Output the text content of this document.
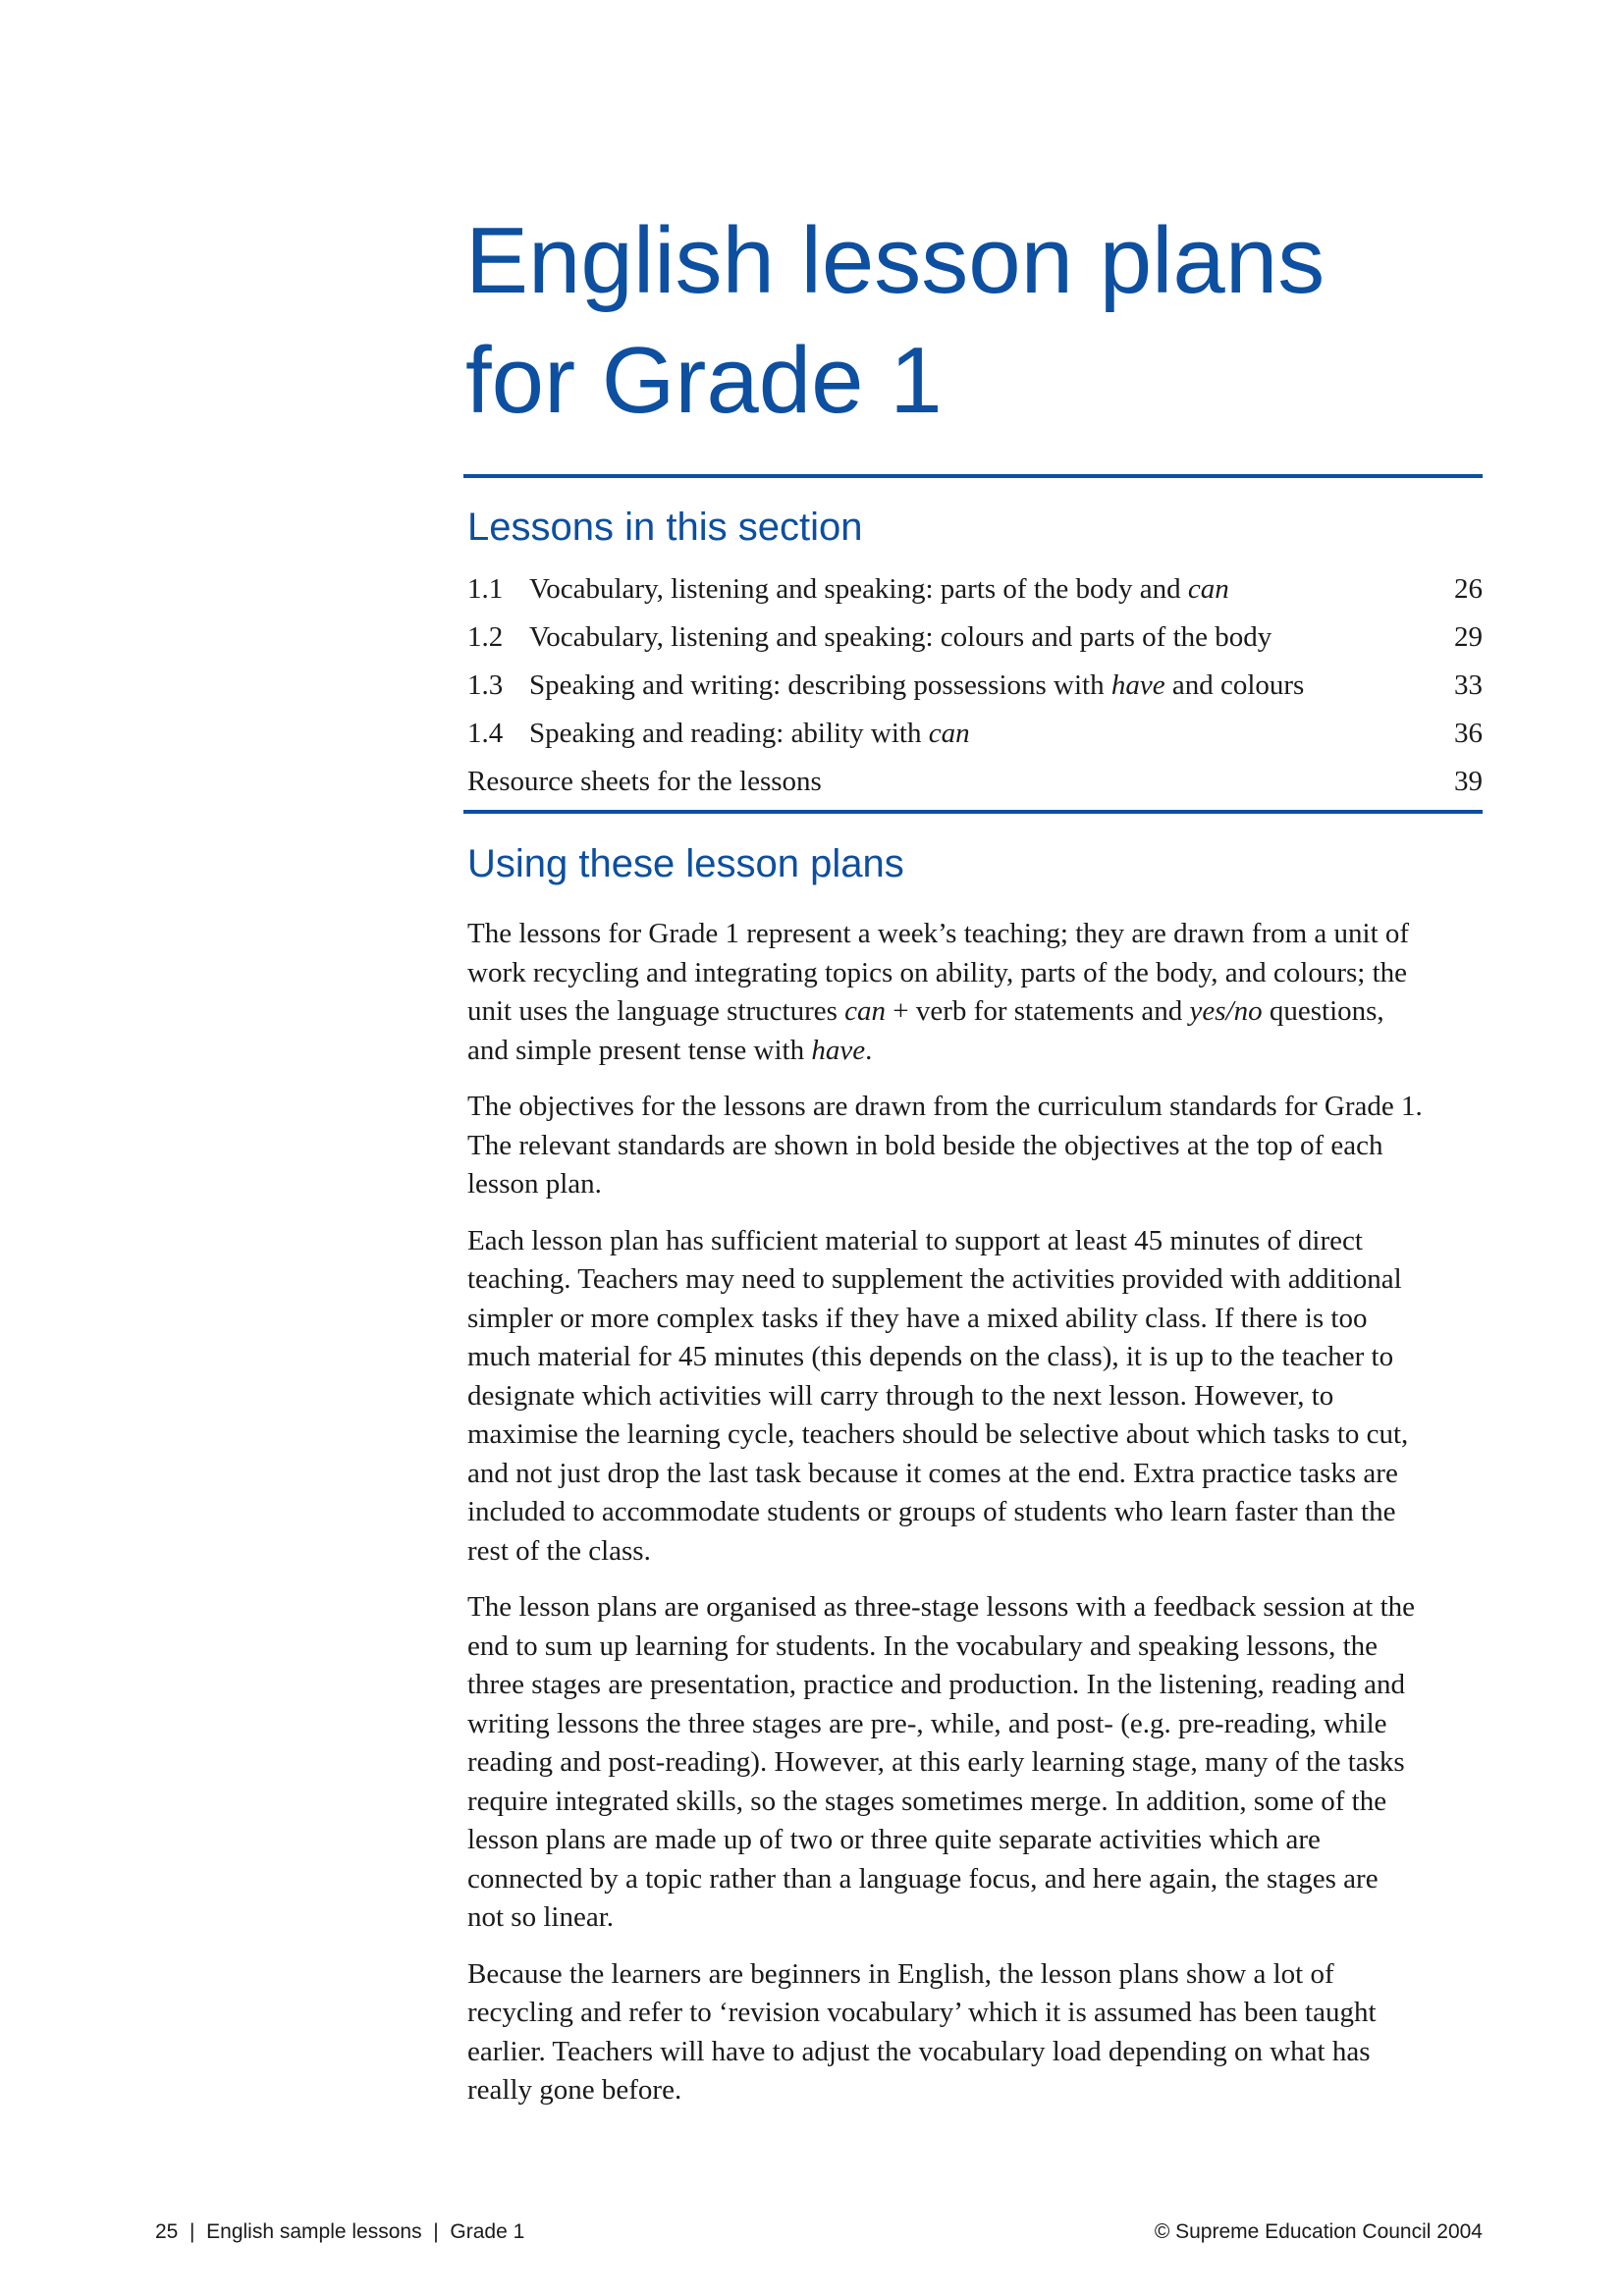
English lesson plans
for Grade 1
Lessons in this section
1.1 Vocabulary, listening and speaking: parts of the body and can	26
1.2 Vocabulary, listening and speaking: colours and parts of the body	29
1.3 Speaking and writing: describing possessions with have and colours	33
1.4 Speaking and reading: ability with can	36
Resource sheets for the lessons	39
Using these lesson plans

The lessons for Grade 1 represent a week’s teaching; they are drawn from a unit of
work recycling and integrating topics on ability, parts of the body, and colours; the
unit uses the language structures can + verb for statements and yes/no questions,
and simple present tense with have.

The objectives for the lessons are drawn from the curriculum standards for Grade 1.
The relevant standards are shown in bold beside the objectives at the top of each
lesson plan.

Each lesson plan has sufficient material to support at least 45 minutes of direct
teaching. Teachers may need to supplement the activities provided with additional
simpler or more complex tasks if they have a mixed ability class. If there is too
much material for 45 minutes (this depends on the class), it is up to the teacher to
designate which activities will carry through to the next lesson. However, to
maximise the learning cycle, teachers should be selective about which tasks to cut,
and not just drop the last task because it comes at the end. Extra practice tasks are
included to accommodate students or groups of students who learn faster than the
rest of the class.

The lesson plans are organised as three-stage lessons with a feedback session at the
end to sum up learning for students. In the vocabulary and speaking lessons, the
three stages are presentation, practice and production. In the listening, reading and
writing lessons the three stages are pre-, while, and post- (e.g. pre-reading, while
reading and post-reading). However, at this early learning stage, many of the tasks
require integrated skills, so the stages sometimes merge. In addition, some of the
lesson plans are made up of two or three quite separate activities which are
connected by a topic rather than a language focus, and here again, the stages are
not so linear.

Because the learners are beginners in English, the lesson plans show a lot of
recycling and refer to ‘revision vocabulary’ which it is assumed has been taught
earlier. Teachers will have to adjust the vocabulary load depending on what has
really gone before.

25  |  English sample lessons  |  Grade 1	© Supreme Education Council 2004
